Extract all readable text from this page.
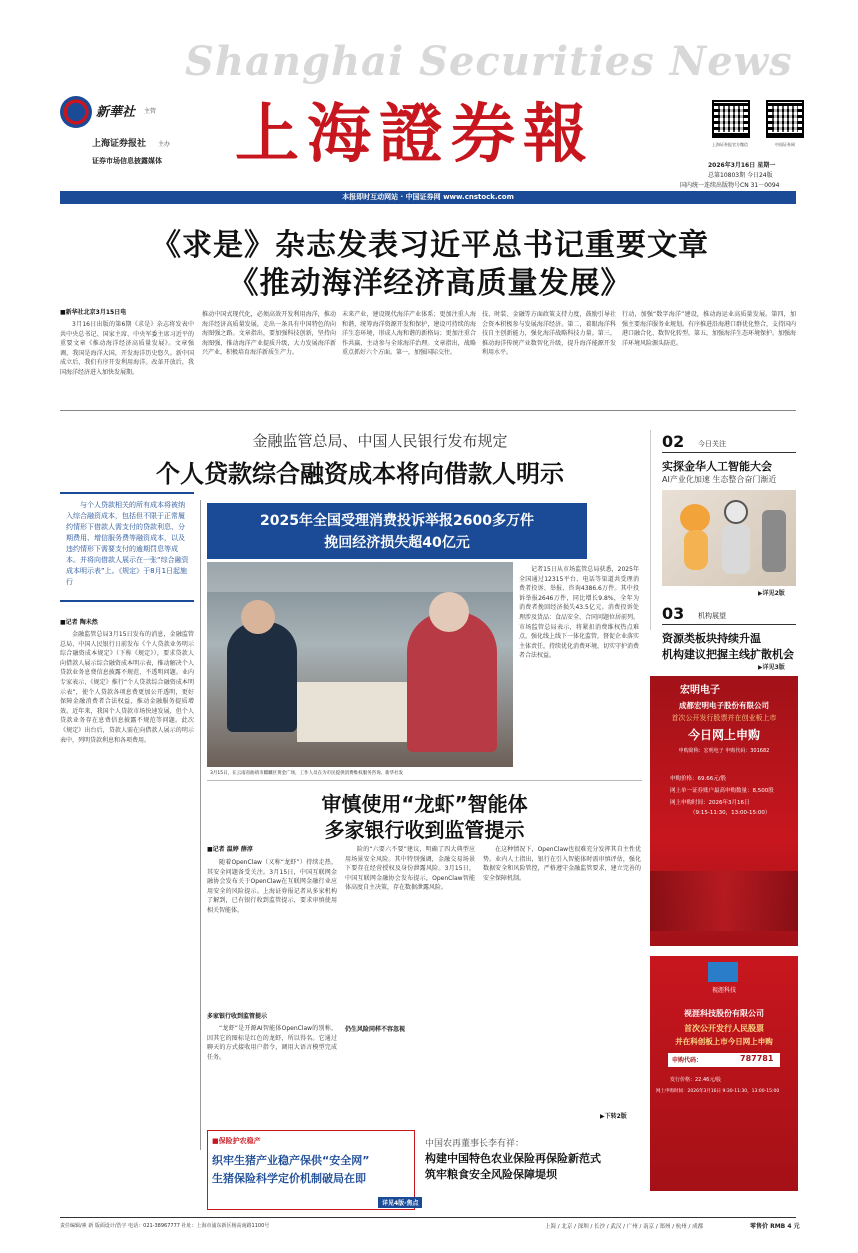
Shanghai Securities News
新華社 主管
上海证券报社 主办
证券市场信息披露媒体 上海證券報	上海证券报官方微信	中国证券网
2026年3月16日 星期一
总第10803期 今日24版
国内统一连续出版物号CN 31－0094
本报即时互动网站 · 中国证券网 www.cnstock.com
《求是》杂志发表习近平总书记重要文章
《推动海洋经济高质量发展》
■新华社北京3月15日电
3月16日出版的第6期《求是》杂志将发表中共中央总书记、国家主席、中央军委主席习近平的重要文章《推动海洋经济高质量发展》。文章强调，我国是海洋大国，开发海洋历史悠久。新中国成立后，我们有序开发利用海洋。改革开放后，我国海洋经济进入加快发展期。
推动中国式现代化，必须高效开发利用海洋，推动海洋经济高质量发展，走出一条具有中国特色的向海图强之路。文章指出，要加强科技创新，坚持向海图强，推动海洋产业提质升级，大力发展海洋新兴产业，积极培育海洋新质生产力。
未来产业，建设现代海洋产业体系；更加注重人海和谐，统筹海洋资源开发和保护，建设可持续的海洋生态环境，形成人海和谐的新格局；更加注重合作共赢，主动参与全球海洋治理。文章指出，战略重点抓好六个方面。第一，加强国际交往。
技、时装、金融等方面政策支持力度，鼓励引导社会资本积极参与发展海洋经济。第二，着眼海洋科技自主创新能力，强化海洋战略科技力量。第三，推动海洋传统产业数智化升级，提升海洋能源开发利用水平。
行动，加强“数字海洋”建设，推动海运业高质量发展。第四，加强主要海洋服务业规划。有序推进沿海港口群优化整合，支持国内港口融合化、数智化转型。第五，加强海洋生态环境保护。加强海洋环境风险源头防范。
金融监管总局、中国人民银行发布规定
个人贷款综合融资成本将向借款人明示
与个人贷款相关的所有成本将被纳入综合融资成本，包括但不限于正常履约情形下借款人需支付的贷款利息、分期费用、增信服务费等融资成本，以及违约情形下需要支付的逾期罚息等成本。并将向借款人展示在一张“综合融资成本明示表”上。《规定》于8月1日起施行
■记者 陶未然
金融监管总局3月15日发布的消息，金融监管总局、中国人民银行日前发布《个人贷款业务明示综合融资成本规定》（下称《规定》），要求贷款人向借款人展示综合融资成本明示表，推动解决个人贷款业务息费信息披露不规范、不透明问题。业内专家表示，《规定》推行“个人贷款综合融资成本明示表”，使个人贷款各项息费更加公开透明，更好保障金融消费者合法权益，推动金融服务提质增效。近年来，我国个人贷款市场快速发展，但个人贷款业务存在息费信息披露不规范等问题。此次《规定》出台后，贷款人需在向借款人展示的明示表中，列明贷款利息和各项费用。
2025年全国受理消费投诉举报2600多万件
挽回经济损失超40亿元
3月15日，在云南省曲靖市麒麟区黄金广场，工作人员在为市民提供消费维权服务咨询。新华社发
记者15日从市场监管总局获悉，2025年全国通过12315平台、电话等渠道共受理消费者投诉、举报、咨询4386.6万件。其中投诉举报2646万件，同比增长9.8%，全年为消费者挽回经济损失43.5亿元。消费投诉处理涉及货品：食品安全、合同问题位居前列。市场监管总局表示，将紧扣消费维权热点难点，强化线上线下一体化监管，督促企业落实主体责任，持续优化消费环境，切实守护消费者合法权益。
审慎使用“龙虾”智能体
多家银行收到监管提示
■记者 温婷 薛淳
随着OpenClaw（又称“龙虾”）持续走热，其安全问题备受关注。3月15日，中国互联网金融协会发布关于OpenClaw在互联网金融行业应用安全的风险提示。上海证券报记者从多家机构了解到，已有银行收到监管提示，要求审慎使用相关智能体。
多家银行收到监管提示
“龙虾”是开源AI智能体OpenClaw的别称，因其它的图标是红色的龙虾，所以得名。它通过聊天的方式接收用户指令，调用大语言模型完成任务。
险的“六要六不要”建议，明确了四大典型应用场景安全风险。其中特别强调，金融交易场景下要存在经营授权及身份泄露风险。3月15日，中国互联网金融协会发布提示，OpenClaw智能体高度自主决策，存在数据泄露风险。
仍生风险同样不容忽视
在这种情况下，OpenClaw也很难充分发挥其自主性优势。业内人士指出，银行在引入智能体时需审慎评估，强化数据安全和风险管控，严格遵守金融监管要求，建立完善的安全保障机制。
▶下转2版
■保险护农稳产
织牢生猪产业稳产保供“安全网”
生猪保险科学定价机制破局在即
中国农再董事长李有祥：
构建中国特色农业保险再保险新范式
筑牢粮食安全风险保障堤坝
详见4版·焦点
02 今日关注
实探金华人工智能大会
AI产业化加速 生态整合奋门渐近
▶详见2版
03 机构展望
资源类板块持续升温
机构建议把握主线扩散机会
▶详见3版
宏明电子
成都宏明电子股份有限公司
首次公开发行股票并在创业板上市
今日网上申购
申购简称：宏明电子 申购代码：301682
申购价格：69.66元/股
网上单一证券账户最高申购数量：8,500股
网上申购时间：2026年3月16日
（9:15-11:30，13:00-15:00）
视涯科技
视涯科技股份有限公司
首次公开发行人民股票
并在科创板上市今日网上申购
申购代码：	787781
发行价格：22.46元/股
网上申购时间：2026年3月16日 9:30-11:30，13:00-15:00
责任编辑/素 新 版面设计/浩宇 电话：021-38967777 社址：上海市浦东新区杨高南路1100号	上海 / 北京 / 深圳 / 长沙 / 武汉 / 广州 / 南京 / 郑州 / 杭州 / 成都	零售价 RMB 4 元
